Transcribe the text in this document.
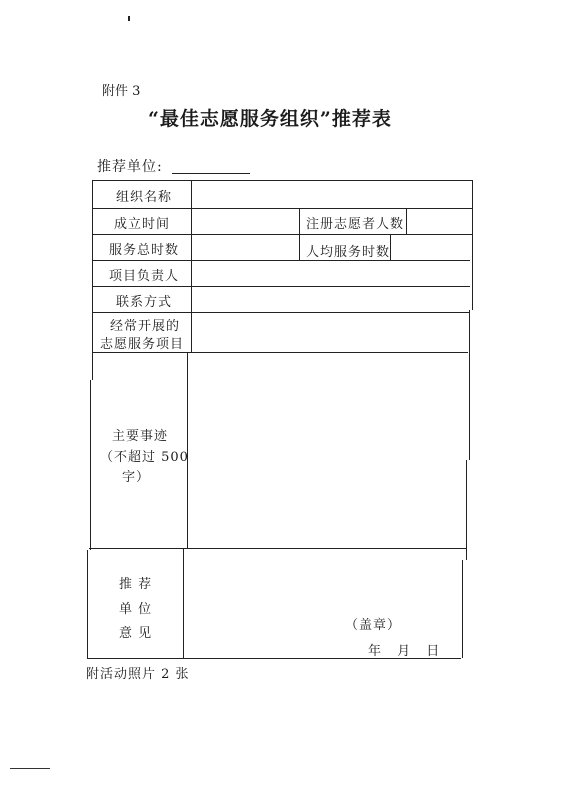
附件 3
“最佳志愿服务组织”推荐表
推荐单位:
组织名称
成立时间	注册志愿者人数
服务总时数	人均服务时数
项目负责人
联系方式
经常开展的
志愿服务项目
主要事迹
（不超过 500
字）
推 荐
单 位
意 见
（盖章）
年 月 日
附活动照片 2 张
